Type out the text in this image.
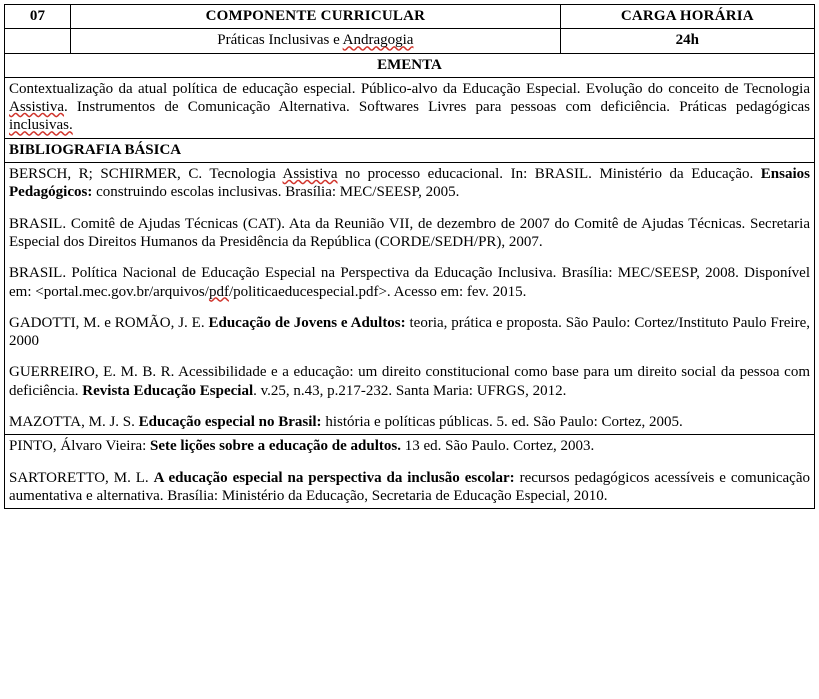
07	COMPONENTE CURRICULAR	CARGA HORÁRIA
	Práticas Inclusivas e Andragogia	24h
EMENTA		
Contextualização da atual política de educação especial. Público-alvo da Educação Especial. Evolução do conceito de Tecnologia Assistiva. Instrumentos de Comunicação Alternativa. Softwares Livres para pessoas com deficiência. Práticas pedagógicas inclusivas.		
BIBLIOGRAFIA BÁSICA		

BERSCH, R; SCHIRMER, C. Tecnologia Assistiva no processo educacional. In: BRASIL. Ministério da Educação. Ensaios Pedagógicos: construindo escolas inclusivas. Brasília: MEC/SEESP, 2005.
BRASIL. Comitê de Ajudas Técnicas (CAT). Ata da Reunião VII, de dezembro de 2007 do Comitê de Ajudas Técnicas. Secretaria Especial dos Direitos Humanos da Presidência da República (CORDE/SEDH/PR), 2007.
BRASIL. Política Nacional de Educação Especial na Perspectiva da Educação Inclusiva. Brasília: MEC/SEESP, 2008. Disponível em: <portal.mec.gov.br/arquivos/pdf/politicaeducespecial.pdf>. Acesso em: fev. 2015.
GADOTTI, M. e ROMÃO, J. E. Educação de Jovens e Adultos: teoria, prática e proposta. São Paulo: Cortez/Instituto Paulo Freire, 2000
GUERREIRO, E. M. B. R. Acessibilidade e a educação: um direito constitucional como base para um direito social da pessoa com deficiência. Revista Educação Especial. v.25, n.43, p.217-232. Santa Maria: UFRGS, 2012.
MAZOTTA, M. J. S. Educação especial no Brasil: história e políticas públicas. 5. ed. São Paulo: Cortez, 2005.

PINTO, Álvaro Vieira: Sete lições sobre a educação de adultos. 13 ed. São Paulo. Cortez, 2003.
SARTORETTO, M. L. A educação especial na perspectiva da inclusão escolar: recursos pedagógicos acessíveis e comunicação aumentativa e alternativa. Brasília: Ministério da Educação, Secretaria de Educação Especial, 2010.		
